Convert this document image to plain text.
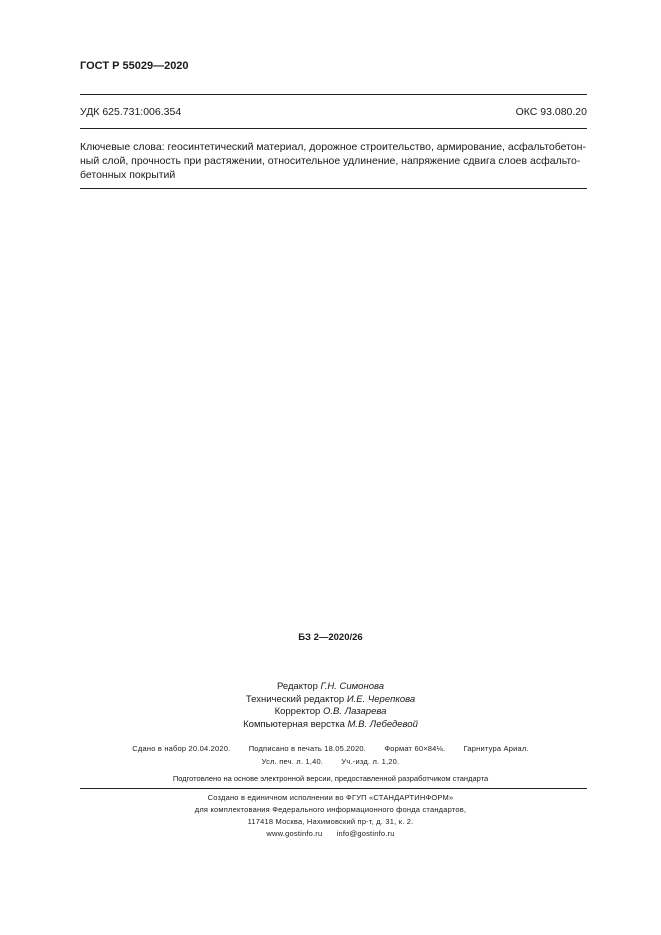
ГОСТ Р 55029—2020
УДК 625.731:006.354	ОКС 93.080.20
Ключевые слова: геосинтетический материал, дорожное строительство, армирование, асфальтобетон-
ный слой, прочность при растяжении, относительное удлинение, напряжение сдвига слоев асфальто-
бетонных покрытий
БЗ 2—2020/26
Редактор Г.Н. Симонова
Технический редактор И.Е. Черепкова
Корректор О.В. Лазарева
Компьютерная верстка М.В. Лебедевой
Сдано в набор 20.04.2020. Подписано в печать 18.05.2020. Формат 60×84⅛. Гарнитура Ариал.
Усл. печ. л. 1,40. Уч.-изд. л. 1,20.
Подготовлено на основе электронной версии, предоставленной разработчиком стандарта
Создано в единичном исполнении во ФГУП «СТАНДАРТИНФОРМ»
для комплектования Федерального информационного фонда стандартов,
117418 Москва, Нахимовский пр-т, д. 31, к. 2.
www.gostinfo.ru info@gostinfo.ru
